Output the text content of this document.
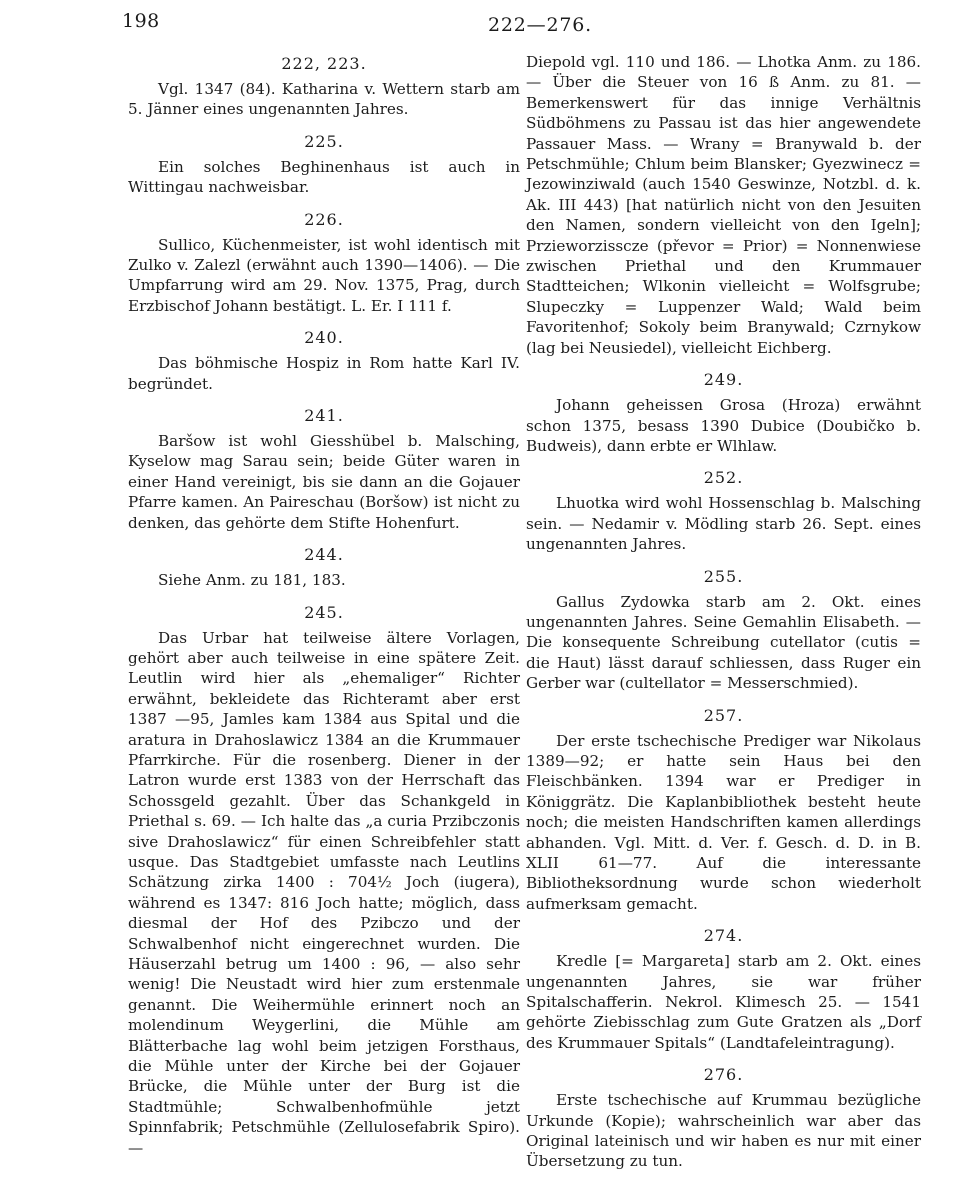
198	222—276.
222, 223.

Vgl. 1347 (84). Katharina v. Wettern starb am 5. Jänner eines ungenannten Jahres.

225.

Ein solches Beghinenhaus ist auch in Wittingau nachweisbar.

226.

Sullico, Küchenmeister, ist wohl identisch mit Zulko v. Zalezl (erwähnt auch 1390—1406). — Die Umpfarrung wird am 29. Nov. 1375, Prag, durch Erzbischof Johann bestätigt. L. Er. I 111 f.

240.

Das böhmische Hospiz in Rom hatte Karl IV. begründet.

241.

Baršow ist wohl Giesshübel b. Malsching, Kyselow mag Sarau sein; beide Güter waren in einer Hand vereinigt, bis sie dann an die Gojauer Pfarre kamen. An Paireschau (Boršow) ist nicht zu denken, das gehörte dem Stifte Hohenfurt.

244.

Siehe Anm. zu 181, 183.

245.

Das Urbar hat teilweise ältere Vorlagen, gehört aber auch teilweise in eine spätere Zeit. Leutlin wird hier als „ehemaliger“ Richter erwähnt, bekleidete das Richteramt aber erst 1387 —95, Jamles kam 1384 aus Spital und die aratura in Drahoslawicz 1384 an die Krummauer Pfarrkirche. Für die rosenberg. Diener in der Latron wurde erst 1383 von der Herrschaft das Schossgeld gezahlt. Über das Schankgeld in Priethal s. 69. — Ich halte das „a curia Przibczonis sive Drahoslawicz“ für einen Schreibfehler statt usque. Das Stadtgebiet umfasste nach Leutlins Schätzung zirka 1400 : 704½ Joch (iugera), während es 1347: 816 Joch hatte; möglich, dass diesmal der Hof des Pzibczo und der Schwalbenhof nicht eingerechnet wurden. Die Häuserzahl betrug um 1400 : 96, — also sehr wenig! Die Neustadt wird hier zum erstenmale genannt. Die Weihermühle erinnert noch an molendinum Weygerlini, die Mühle am Blätterbache lag wohl beim jetzigen Forsthaus, die Mühle unter der Kirche bei der Gojauer Brücke, die Mühle unter der Burg ist die Stadtmühle; Schwalbenhofmühle jetzt Spinnfabrik; Petschmühle (Zellulosefabrik Spiro). —

Diepold vgl. 110 und 186. — Lhotka Anm. zu 186. — Über die Steuer von 16 ß Anm. zu 81. — Bemerkenswert für das innige Verhältnis Südböhmens zu Passau ist das hier angewendete Passauer Mass. — Wrany = Branywald b. der Petschmühle; Chlum beim Blansker; Gyezwinecz = Jezowinziwald (auch 1540 Geswinze, Notzbl. d. k. Ak. III 443) [hat natürlich nicht von den Jesuiten den Namen, sondern vielleicht von den Igeln]; Przieworzisscze (převor = Prior) = Nonnenwiese zwischen Priethal und den Krummauer Stadtteichen; Wlkonin vielleicht = Wolfsgrube; Slupeczky = Luppenzer Wald; Wald beim Favoritenhof; Sokoly beim Branywald; Czrnykow (lag bei Neusiedel), vielleicht Eichberg.

249.

Johann geheissen Grosa (Hroza) erwähnt schon 1375, besass 1390 Dubice (Doubičko b. Budweis), dann erbte er Wlhlaw.

252.

Lhuotka wird wohl Hossenschlag b. Malsching sein. — Nedamir v. Mödling starb 26. Sept. eines ungenannten Jahres.

255.

Gallus Zydowka starb am 2. Okt. eines ungenannten Jahres. Seine Gemahlin Elisabeth. — Die konsequente Schreibung cutellator (cutis = die Haut) lässt darauf schliessen, dass Ruger ein Gerber war (cultellator = Messerschmied).

257.

Der erste tschechische Prediger war Nikolaus 1389—92; er hatte sein Haus bei den Fleischbänken. 1394 war er Prediger in Königgrätz. Die Kaplanbibliothek besteht heute noch; die meisten Handschriften kamen allerdings abhanden. Vgl. Mitt. d. Ver. f. Gesch. d. D. in B. XLII 61—77. Auf die interessante Bibliotheksordnung wurde schon wiederholt aufmerksam gemacht.

274.

Kredle [= Margareta] starb am 2. Okt. eines ungenannten Jahres, sie war früher Spitalschafferin. Nekrol. Klimesch 25. — 1541 gehörte Ziebisschlag zum Gute Gratzen als „Dorf des Krummauer Spitals“ (Landtafeleintragung).

276.

Erste tschechische auf Krummau bezügliche Urkunde (Kopie); wahrscheinlich war aber das Original lateinisch und wir haben es nur mit einer Übersetzung zu tun.
